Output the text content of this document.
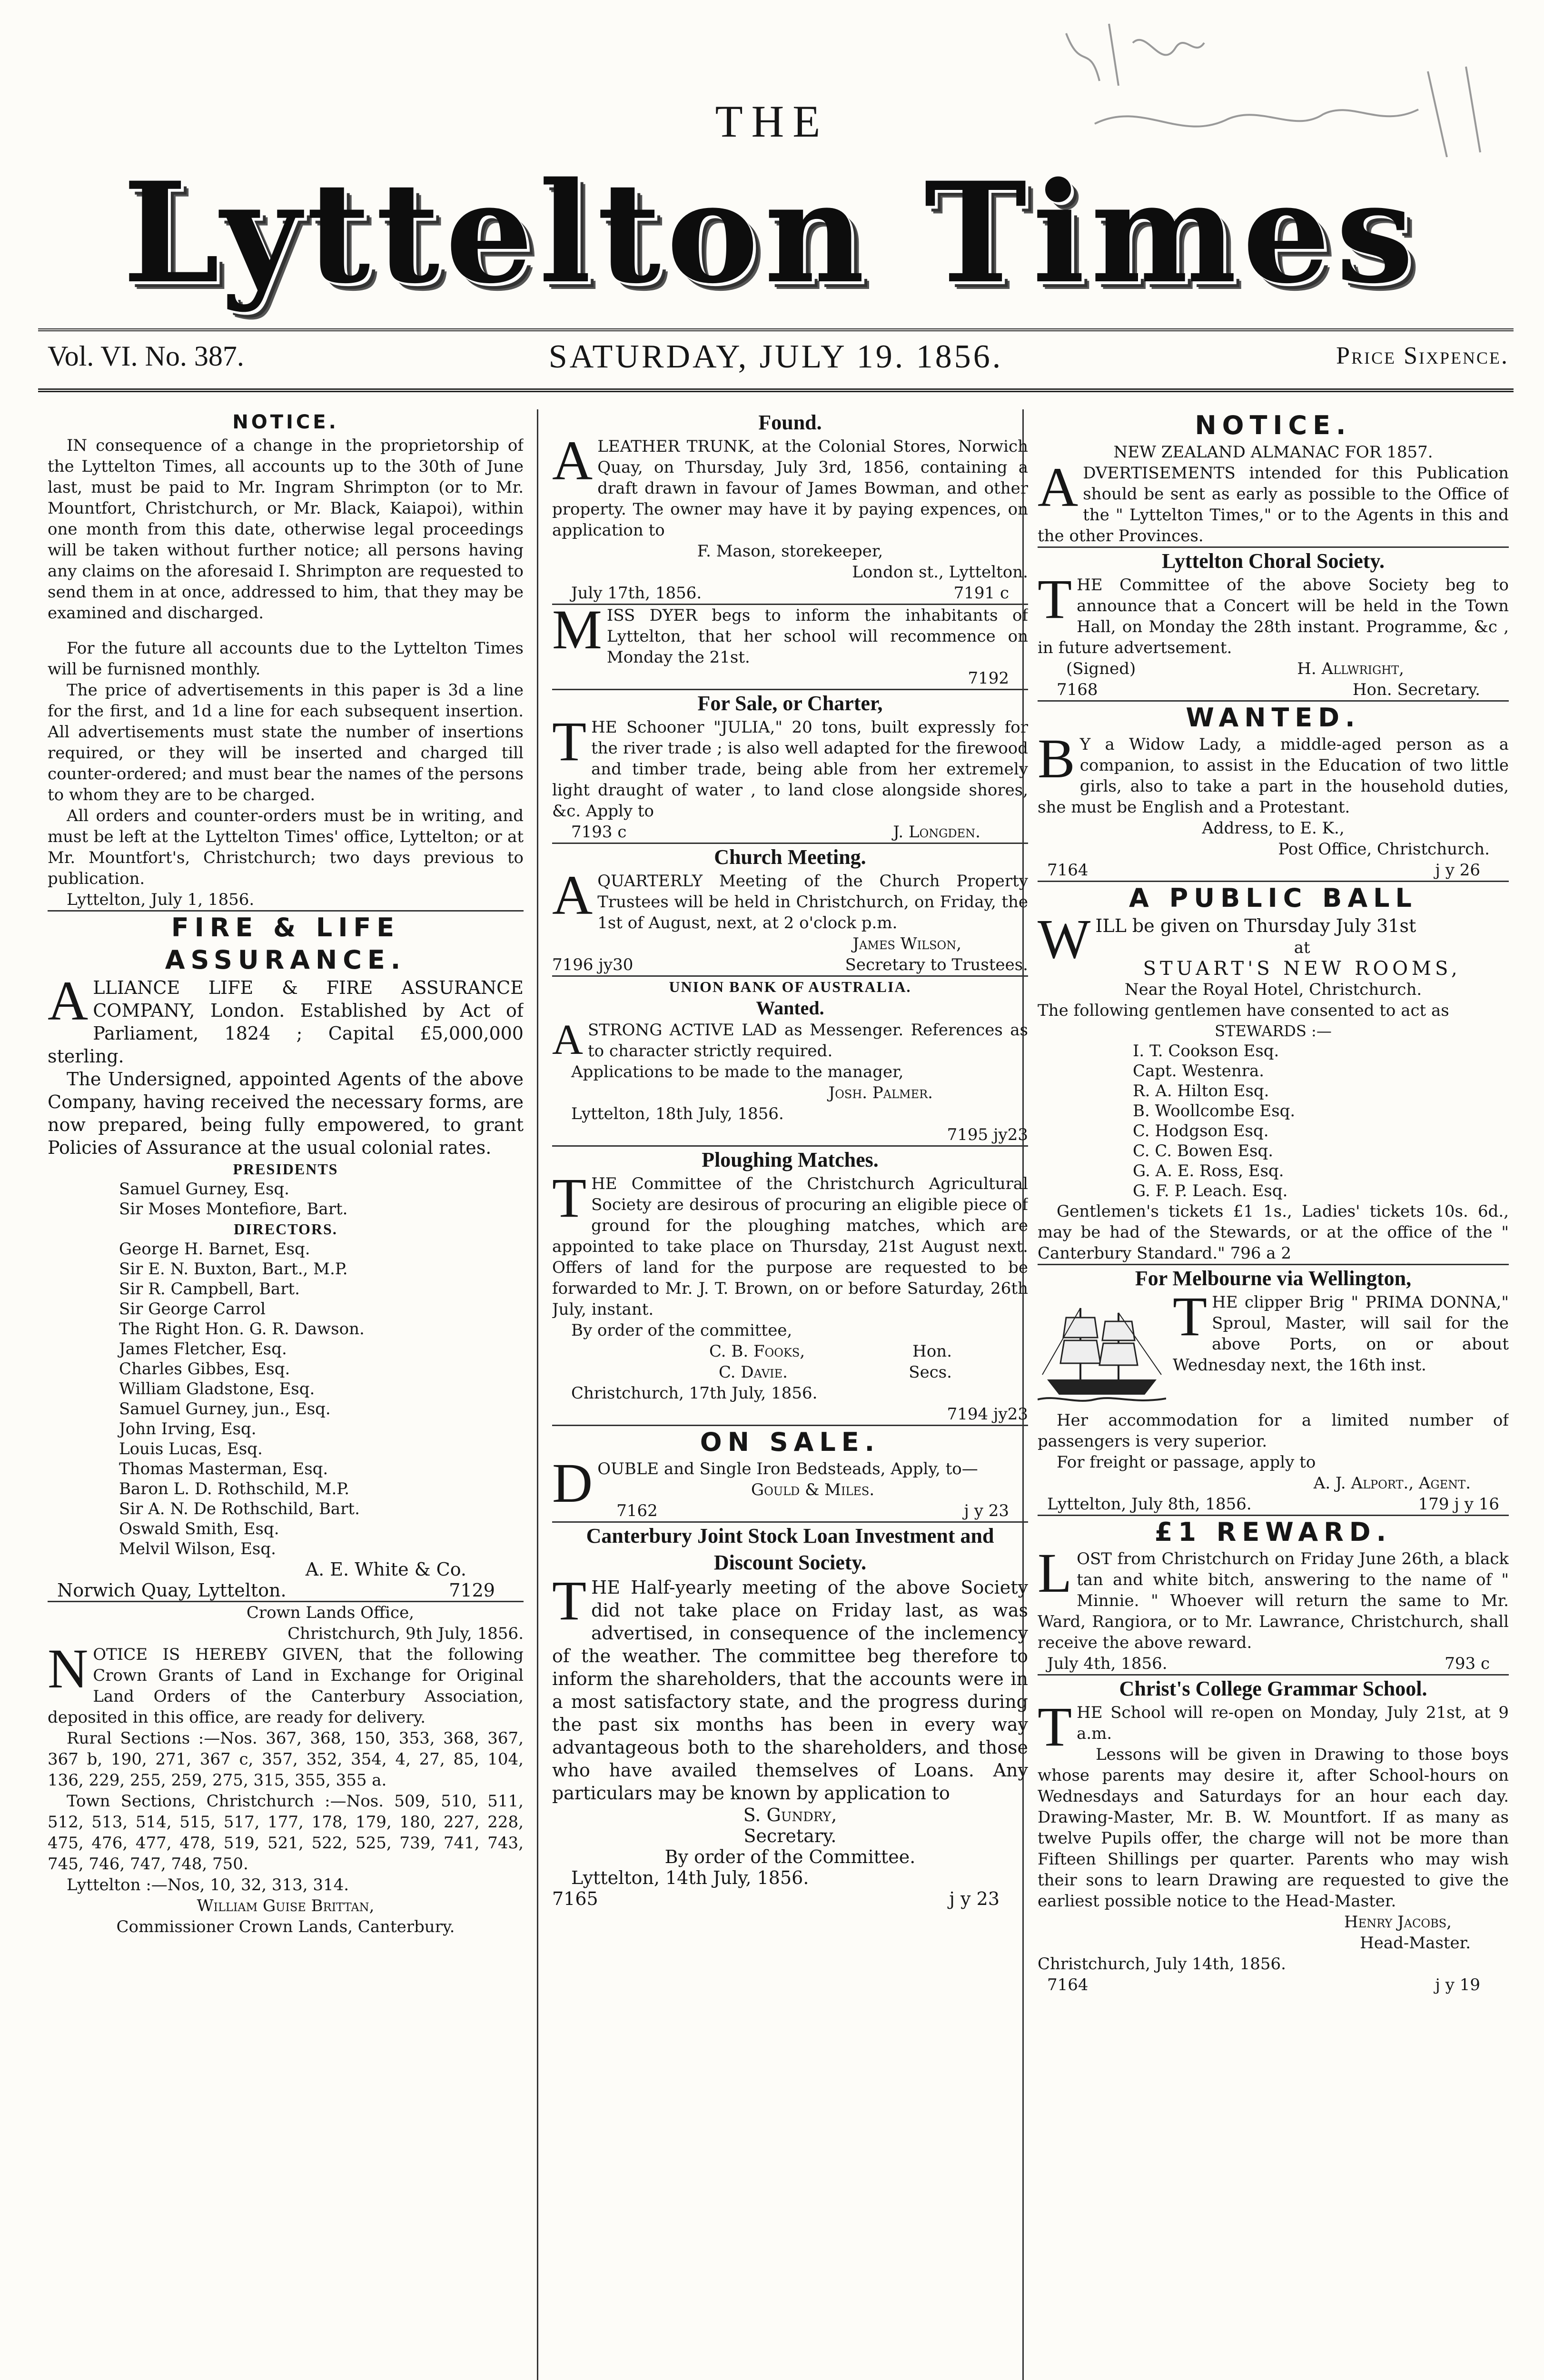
THE
Lyttelton Times
Vol. VI. No. 387.	SATURDAY, JULY 19. 1856.	Price Sixpence.
NOTICE.

IN consequence of a change in the proprietorship of the Lyttelton Times, all accounts up to the 30th of June last, must be paid to Mr. Ingram Shrimpton (or to Mr. Mountfort, Christchurch, or Mr. Black, Kaiapoi), within one month from this date, otherwise legal proceedings will be taken without further notice; all persons having any claims on the aforesaid I. Shrimpton are requested to send them in at once, addressed to him, that they may be examined and discharged.

For the future all accounts due to the Lyttelton Times will be furnisned monthly.

The price of advertisements in this paper is 3d a line for the first, and 1d a line for each subsequent insertion. All advertisements must state the number of insertions required, or they will be inserted and charged till counter-ordered; and must bear the names of the persons to whom they are to be charged.

All orders and counter-orders must be in writing, and must be left at the Lyttelton Times' office, Lyttelton; or at Mr. Mountfort's, Christchurch; two days previous to publication.

Lyttelton, July 1, 1856.

FIRE & LIFE ASSURANCE.

ALLIANCE LIFE & FIRE ASSURANCE COMPANY, London. Established by Act of Parliament, 1824 ; Capital £5,000,000 sterling.

The Undersigned, appointed Agents of the above Company, having received the necessary forms, are now prepared, being fully empowered, to grant Policies of Assurance at the usual colonial rates.

PRESIDENTS
Samuel Gurney, Esq.
Sir Moses Montefiore, Bart.
DIRECTORS.
George H. Barnet, Esq.
Sir E. N. Buxton, Bart., M.P.
Sir R. Campbell, Bart.
Sir George Carrol
The Right Hon. G. R. Dawson.
James Fletcher, Esq.
Charles Gibbes, Esq.
William Gladstone, Esq.
Samuel Gurney, jun., Esq.
John Irving, Esq.
Louis Lucas, Esq.
Thomas Masterman, Esq.
Baron L. D. Rothschild, M.P.
Sir A. N. De Rothschild, Bart.
Oswald Smith, Esq.
Melvil Wilson, Esq.

A. E. White & Co.

Norwich Quay, Lyttelton.	7129

Crown Lands Office,

Christchurch, 9th July, 1856.

NOTICE IS HEREBY GIVEN, that the following Crown Grants of Land in Exchange for Original Land Orders of the Canterbury Association, deposited in this office, are ready for delivery.

Rural Sections :—Nos. 367, 368, 150, 353, 368, 367, 367 b, 190, 271, 367 c, 357, 352, 354, 4, 27, 85, 104, 136, 229, 255, 259, 275, 315, 355, 355 a.

Town Sections, Christchurch :—Nos. 509, 510, 511, 512, 513, 514, 515, 517, 177, 178, 179, 180, 227, 228, 475, 476, 477, 478, 519, 521, 522, 525, 739, 741, 743, 745, 746, 747, 748, 750.

Lyttelton :—Nos, 10, 32, 313, 314.

William Guise Brittan,

Commissioner Crown Lands, Canterbury.

Found.

ALEATHER TRUNK, at the Colonial Stores, Norwich Quay, on Thursday, July 3rd, 1856, containing a draft drawn in favour of James Bowman, and other property. The owner may have it by paying expences, on application to

F. Mason, storekeeper,

London st., Lyttelton.

July 17th, 1856.	7191 c

MISS DYER begs to inform the inhabitants of Lyttelton, that her school will recommence on Monday the 21st.

7192

For Sale, or Charter,

THE Schooner "JULIA," 20 tons, built expressly for the river trade ; is also well adapted for the firewood and timber trade, being able from her extremely light draught of water , to land close alongside shores, &c. Apply to

7193 c	J. Longden.
Church Meeting.

AQUARTERLY Meeting of the Church Property Trustees will be held in Christchurch, on Friday, the 1st of August, next, at 2 o'clock p.m.

James Wilson,

7196 jy30	Secretary to Trustees.
UNION BANK OF AUSTRALIA.
Wanted.

ASTRONG ACTIVE LAD as Messenger. References as to character strictly required.

Applications to be made to the manager,

Josh. Palmer.

Lyttelton, 18th July, 1856.

7195 jy23

Ploughing Matches.

THE Committee of the Christchurch Agricultural Society are desirous of procuring an eligible piece of ground for the ploughing matches, which are appointed to take place on Thursday, 21st August next. Offers of land for the purpose are requested to be forwarded to Mr. J. T. Brown, on or before Saturday, 26th July, instant.

By order of the committee,

C. B. Fooks,	Hon.
C. Davie.	Secs.

Christchurch, 17th July, 1856.

7194 jy23

ON SALE.

DOUBLE and Single Iron Bedsteads, Apply, to—

Gould & Miles.

7162	j y 23
Canterbury Joint Stock Loan Investment and Discount Society.

THE Half-yearly meeting of the above Society did not take place on Friday last, as was advertised, in consequence of the inclemency of the weather. The committee beg therefore to inform the shareholders, that the accounts were in a most satisfactory state, and the progress during the past six months has been in every way advantageous both to the shareholders, and those who have availed themselves of Loans. Any particulars may be known by application to

S. Gundry,

Secretary.

By order of the Committee.

Lyttelton, 14th July, 1856.

7165	j y 23
NOTICE.

NEW ZEALAND ALMANAC FOR 1857.

ADVERTISEMENTS intended for this Publication should be sent as early as possible to the Office of the " Lyttelton Times," or to the Agents in this and the other Provinces.

Lyttelton Choral Society.

THE Committee of the above Society beg to announce that a Concert will be held in the Town Hall, on Monday the 28th instant. Programme, &c , in future advertsement.

(Signed)	H. Allwright,
7168	Hon. Secretary.
WANTED.

B Y a Widow Lady, a middle-aged person as a companion, to assist in the Education of two little girls, also to take a part in the household duties, she must be English and a Protestant.

Address, to E. K.,

Post Office, Christchurch.

7164	j y 26
A PUBLIC BALL

WILL be given on Thursday July 31st

at

STUART'S NEW ROOMS,

Near the Royal Hotel, Christchurch.

The following gentlemen have consented to act as

STEWARDS :—

I. T. Cookson Esq.
Capt. Westenra.
R. A. Hilton Esq.
B. Woollcombe Esq.
C. Hodgson Esq.
C. C. Bowen Esq.
G. A. E. Ross, Esq.
G. F. P. Leach. Esq.

Gentlemen's tickets £1 1s., Ladies' tickets 10s. 6d., may be had of the Stewards, or at the office of the " Canterbury Standard." 796 a 2

For Melbourne via Wellington,

THE clipper Brig " PRIMA DONNA," Sproul, Master, will sail for the above Ports, on or about Wednesday next, the 16th inst.

Her accommodation for a limited number of passengers is very superior.

For freight or passage, apply to

A. J. Alport., Agent.

Lyttelton, July 8th, 1856.	179 j y 16
£1 REWARD.

LOST from Christchurch on Friday June 26th, a black tan and white bitch, answering to the name of " Minnie. " Whoever will return the same to Mr. Ward, Rangiora, or to Mr. Lawrance, Christchurch, shall receive the above reward.

July 4th, 1856.	793 c
Christ's College Grammar School.

THE School will re-open on Monday, July 21st, at 9 a.m.

Lessons will be given in Drawing to those boys whose parents may desire it, after School-hours on Wednesdays and Saturdays for an hour each day. Drawing-Master, Mr. B. W. Mountfort. If as many as twelve Pupils offer, the charge will not be more than Fifteen Shillings per quarter. Parents who may wish their sons to learn Drawing are requested to give the earliest possible notice to the Head-Master.

Henry Jacobs,

Head-Master.

Christchurch, July 14th, 1856.

7164	j y 19
